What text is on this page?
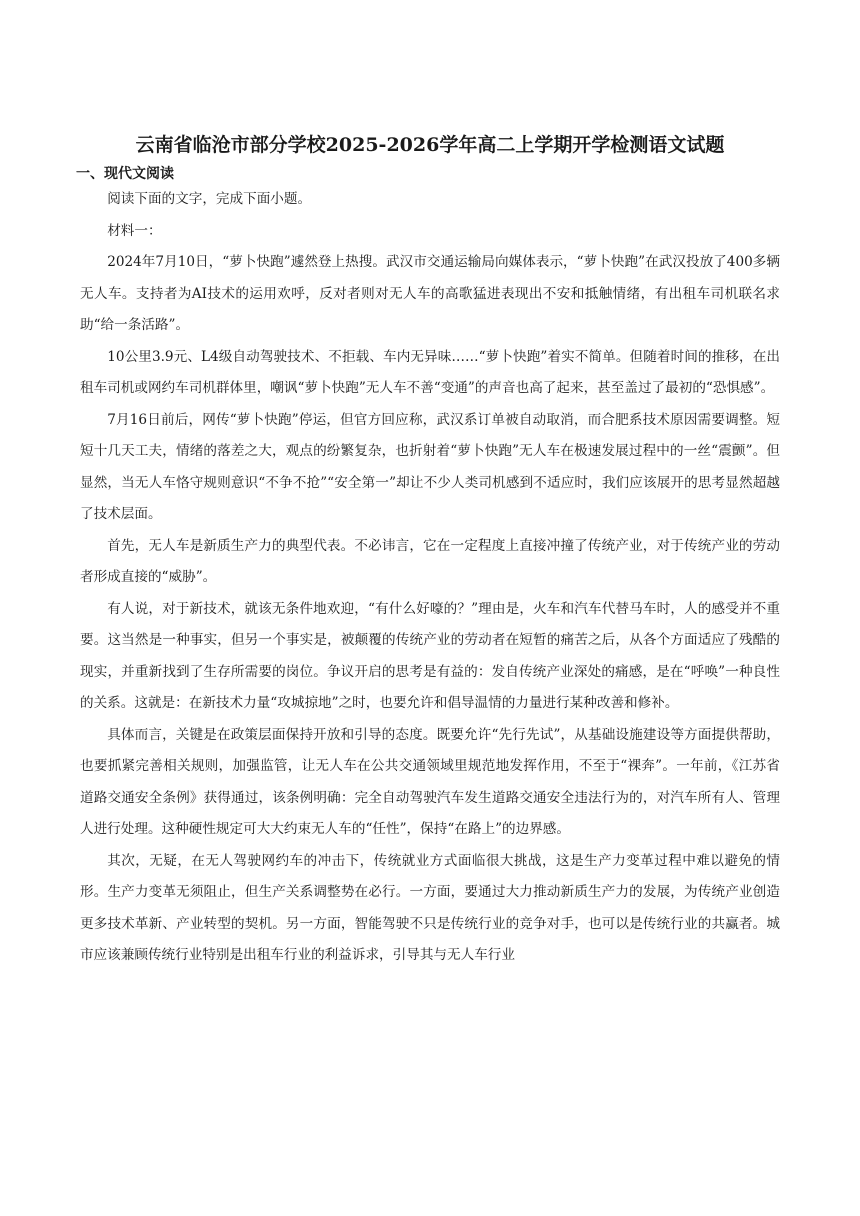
云南省临沧市部分学校2025-2026学年高二上学期开学检测语文试题
一、现代文阅读

阅读下面的文字，完成下面小题。

材料一：

2024年7月10日，“萝卜快跑”遽然登上热搜。武汉市交通运输局向媒体表示，“萝卜快跑”在武汉投放了400多辆无人车。支持者为AI技术的运用欢呼，反对者则对无人车的高歌猛进表现出不安和抵触情绪，有出租车司机联名求助“给一条活路”。

10公里3.9元、L4级自动驾驶技术、不拒载、车内无异味……“萝卜快跑”着实不简单。但随着时间的推移，在出租车司机或网约车司机群体里，嘲讽“萝卜快跑”无人车不善“变通”的声音也高了起来，甚至盖过了最初的“恐惧感”。

7月16日前后，网传“萝卜快跑”停运，但官方回应称，武汉系订单被自动取消，而合肥系技术原因需要调整。短短十几天工夫，情绪的落差之大，观点的纷繁复杂，也折射着“萝卜快跑”无人车在极速发展过程中的一丝“震颤”。但显然，当无人车恪守规则意识“不争不抢”“安全第一”却让不少人类司机感到不适应时，我们应该展开的思考显然超越了技术层面。

首先，无人车是新质生产力的典型代表。不必讳言，它在一定程度上直接冲撞了传统产业，对于传统产业的劳动者形成直接的“威胁”。

有人说，对于新技术，就该无条件地欢迎，“有什么好嚎的？”理由是，火车和汽车代替马车时，人的感受并不重要。这当然是一种事实，但另一个事实是，被颠覆的传统产业的劳动者在短暂的痛苦之后，从各个方面适应了残酷的现实，并重新找到了生存所需要的岗位。争议开启的思考是有益的：发自传统产业深处的痛感，是在“呼唤”一种良性的关系。这就是：在新技术力量“攻城掠地”之时，也要允许和倡导温情的力量进行某种改善和修补。

具体而言，关键是在政策层面保持开放和引导的态度。既要允许“先行先试”，从基础设施建设等方面提供帮助，也要抓紧完善相关规则，加强监管，让无人车在公共交通领域里规范地发挥作用，不至于“裸奔”。一年前，《江苏省道路交通安全条例》获得通过，该条例明确：完全自动驾驶汽车发生道路交通安全违法行为的，对汽车所有人、管理人进行处理。这种硬性规定可大大约束无人车的“任性”，保持“在路上”的边界感。

其次，无疑，在无人驾驶网约车的冲击下，传统就业方式面临很大挑战，这是生产力变革过程中难以避免的情形。生产力变革无须阻止，但生产关系调整势在必行。一方面，要通过大力推动新质生产力的发展，为传统产业创造更多技术革新、产业转型的契机。另一方面，智能驾驶不只是传统行业的竞争对手，也可以是传统行业的共赢者。城市应该兼顾传统行业特别是出租车行业的利益诉求，引导其与无人车行业
